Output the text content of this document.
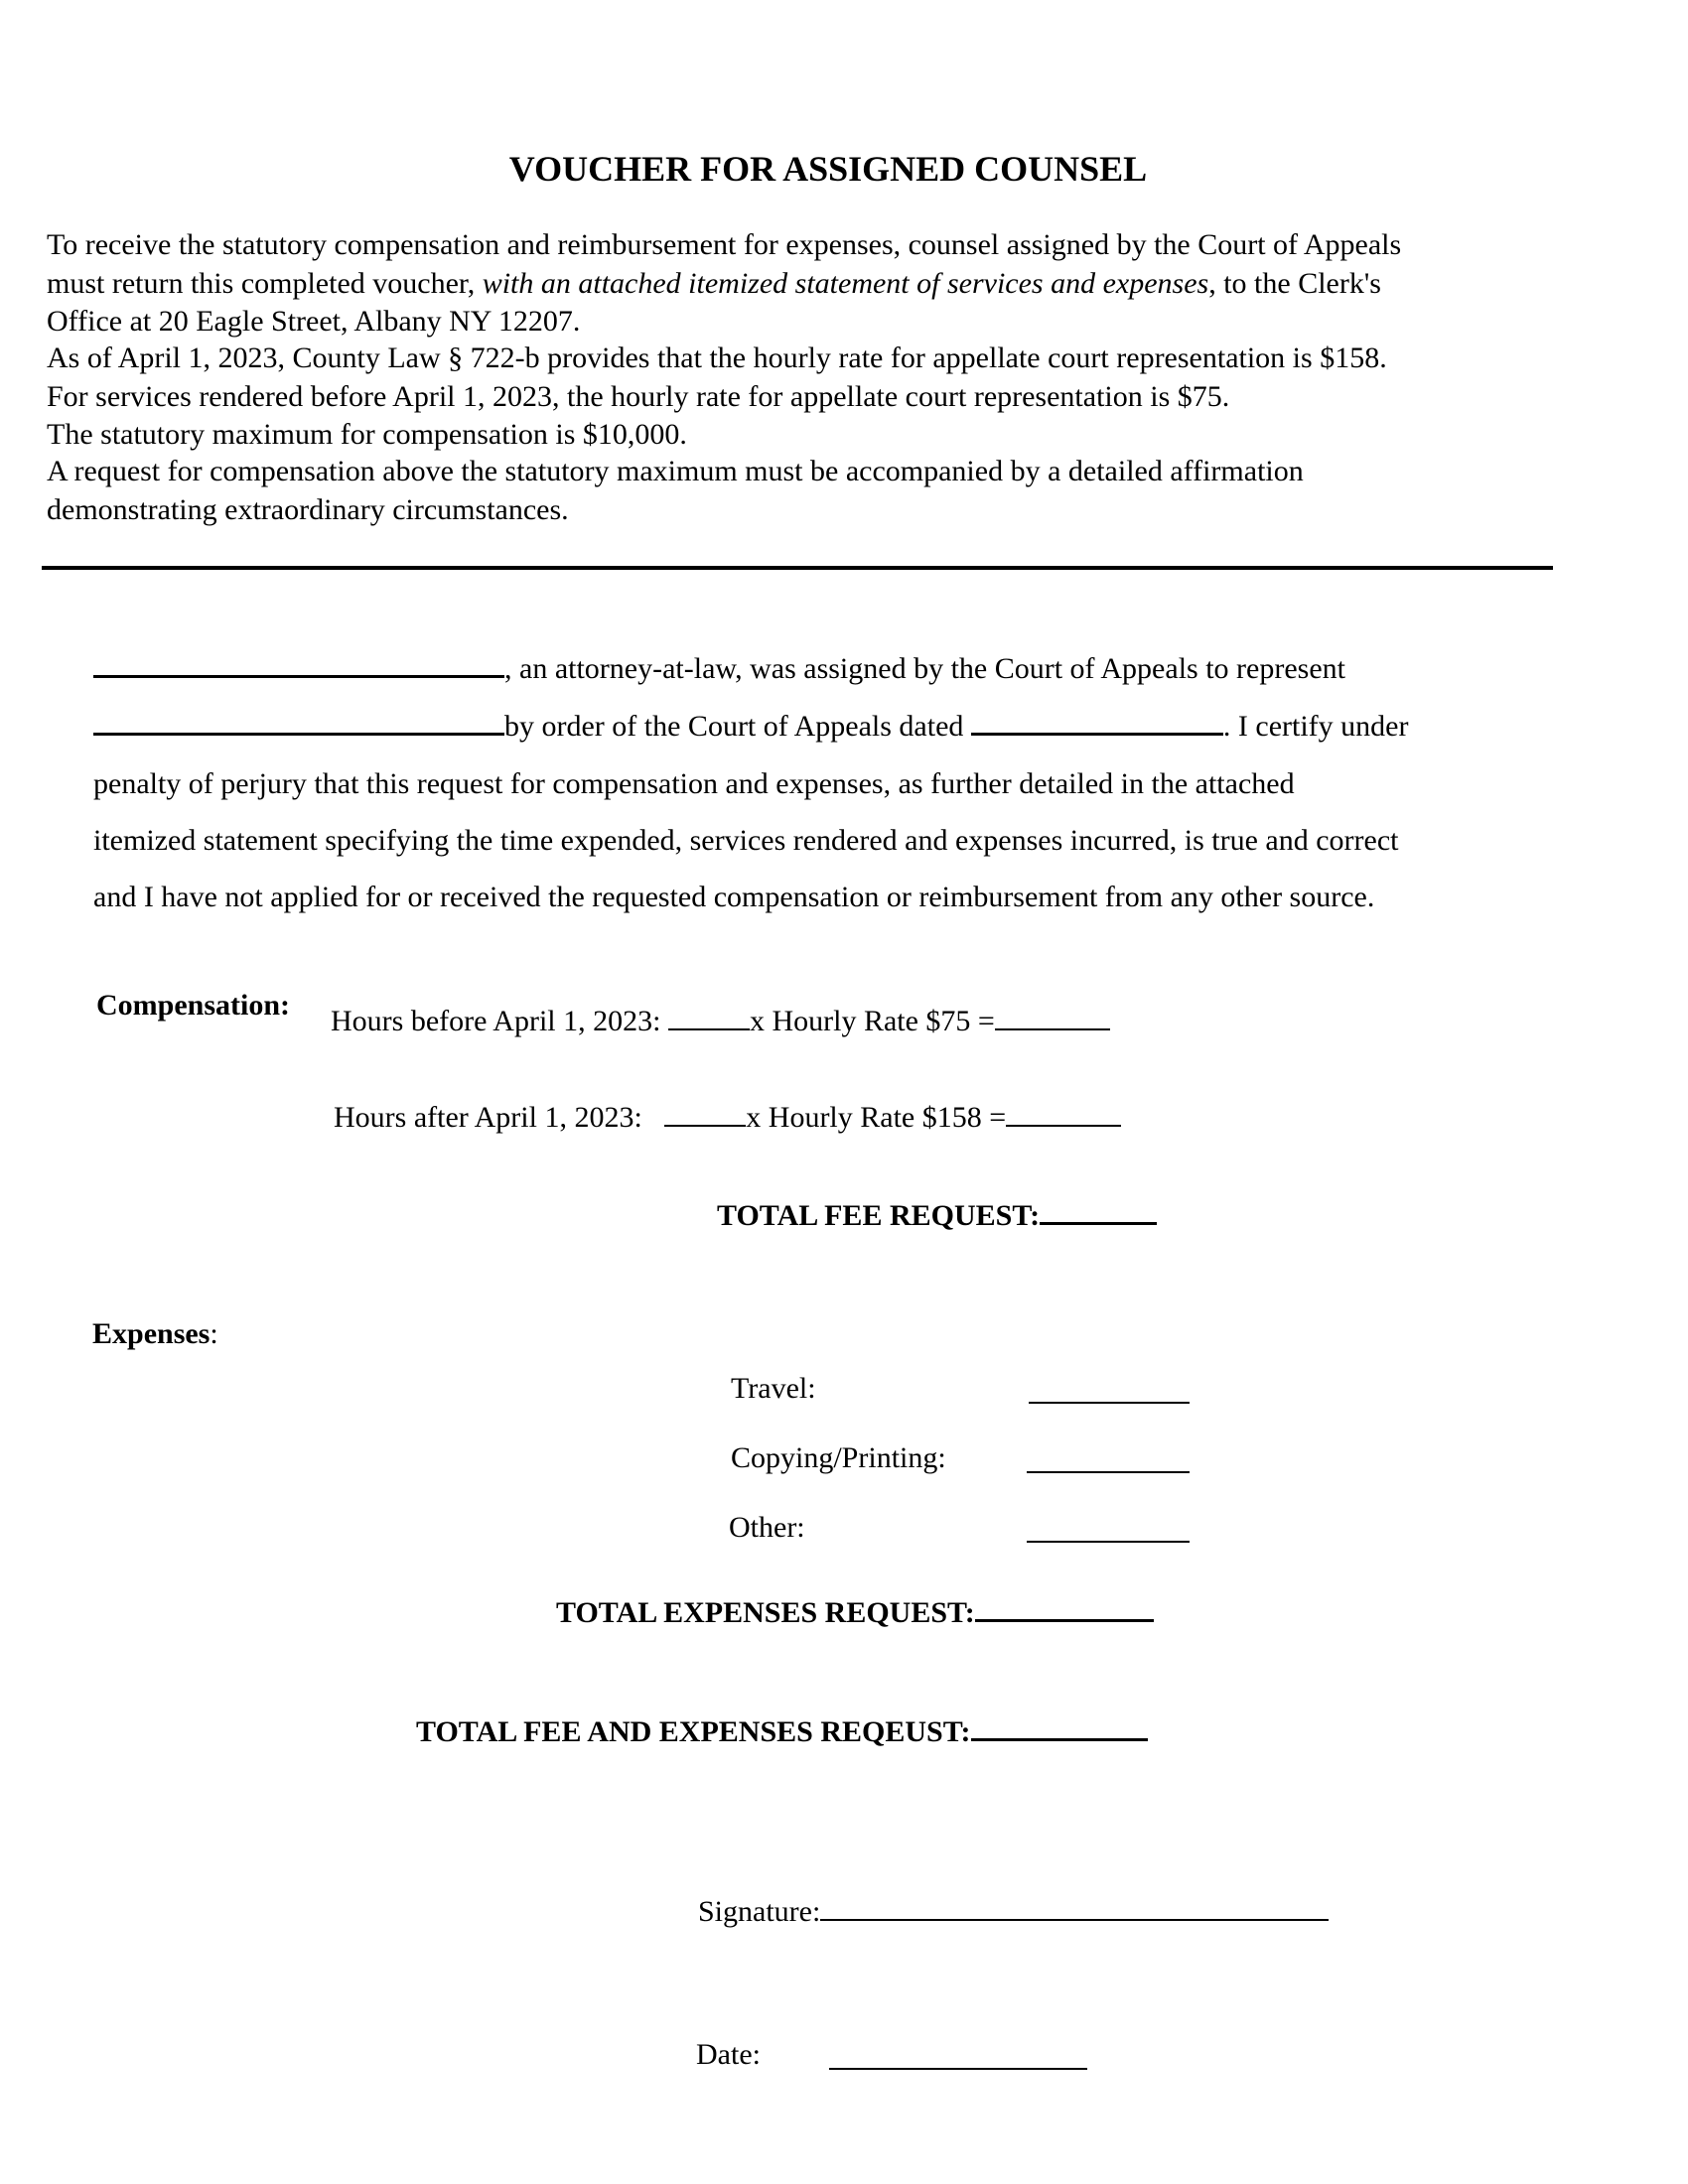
VOUCHER FOR ASSIGNED COUNSEL
To receive the statutory compensation and reimbursement for expenses, counsel assigned by the Court of Appeals
must return this completed voucher, with an attached itemized statement of services and expenses, to the Clerk's
Office at 20 Eagle Street, Albany NY 12207.
As of April 1, 2023, County Law § 722-b provides that the hourly rate for appellate court representation is $158.
For services rendered before April 1, 2023, the hourly rate for appellate court representation is $75.
The statutory maximum for compensation is $10,000.
A request for compensation above the statutory maximum must be accompanied by a detailed affirmation
demonstrating extraordinary circumstances.
, an attorney-at-law, was assigned by the Court of Appeals to represent
by order of the Court of Appeals dated	. I certify under
penalty of perjury that this request for compensation and expenses, as further detailed in the attached
itemized statement specifying the time expended, services rendered and expenses incurred, is true and correct
and I have not applied for or received the requested compensation or reimbursement from any other source.
Compensation: Hours before April 1, 2023:	x Hourly Rate $75 =
Hours after April 1, 2023:	x Hourly Rate $158 =
TOTAL FEE REQUEST:
Expenses:
Travel:
Copying/Printing:
Other:
TOTAL EXPENSES REQUEST:
TOTAL FEE AND EXPENSES REQEUST:
Signature:
Date:
